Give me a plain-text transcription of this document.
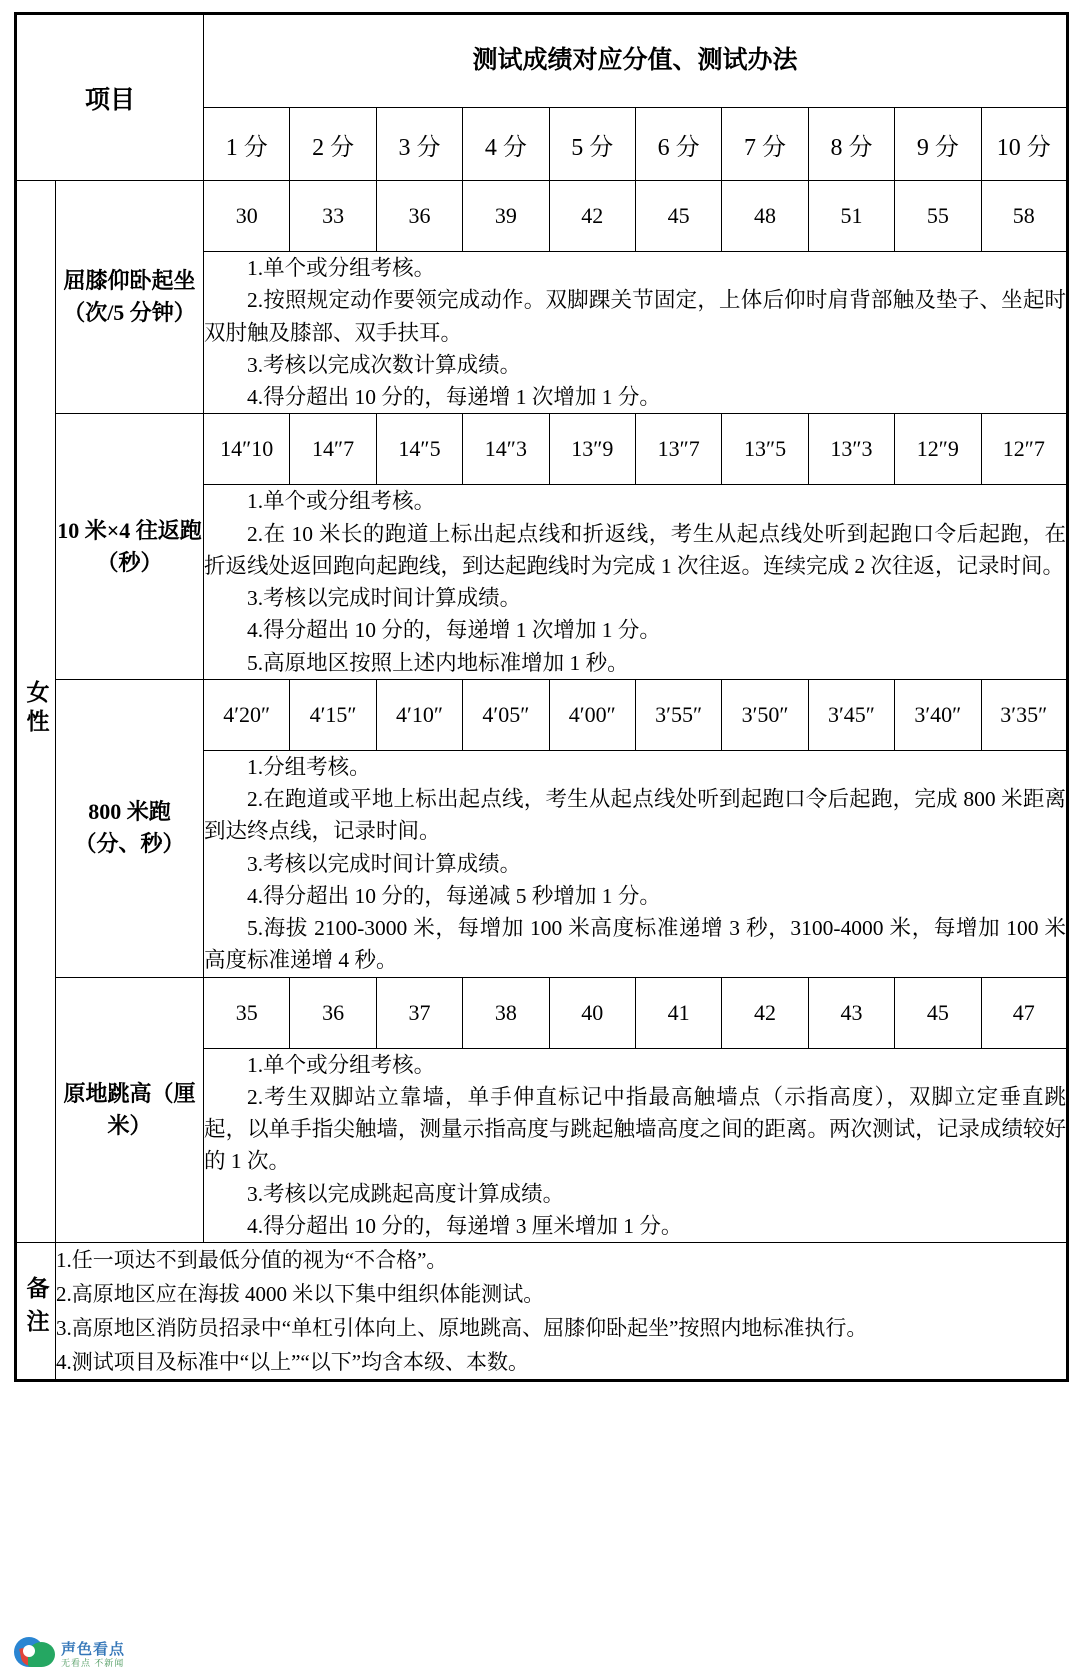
项目		测试成绩对应分值、测试办法									
		1 分	2 分	3 分	4 分	5 分	6 分	7 分	8 分	9 分	10 分
女性	屈膝仰卧起坐（次/5 分钟）	30	33	36	39	42	45	48	51	55	58

		1.单个或分组考核。

2.按照规定动作要领完成动作。双脚踝关节固定，上体后仰时肩背部触及垫子、坐起时双肘触及膝部、双手扶耳。

3.考核以完成次数计算成绩。

4.得分超出 10 分的，每递增 1 次增加 1 分。									

	10 米×4 往返跑（秒）	14″10	14″7	14″5	14″3	13″9	13″7	13″5	13″3	12″9	12″7

		1.单个或分组考核。

2.在 10 米长的跑道上标出起点线和折返线，考生从起点线处听到起跑口令后起跑，在折返线处返回跑向起跑线，到达起跑线时为完成 1 次往返。连续完成 2 次往返，记录时间。

3.考核以完成时间计算成绩。

4.得分超出 10 分的，每递增 1 次增加 1 分。

5.高原地区按照上述内地标准增加 1 秒。									

	800 米跑（分、秒）	4′20″	4′15″	4′10″	4′05″	4′00″	3′55″	3′50″	3′45″	3′40″	3′35″

		1.分组考核。

2.在跑道或平地上标出起点线，考生从起点线处听到起跑口令后起跑，完成 800 米距离到达终点线，记录时间。

3.考核以完成时间计算成绩。

4.得分超出 10 分的，每递减 5 秒增加 1 分。

5.海拔 2100-3000 米，每增加 100 米高度标准递增 3 秒，3100-4000 米，每增加 100 米高度标准递增 4 秒。									

	原地跳高（厘米）	35	36	37	38	40	41	42	43	45	47

		1.单个或分组考核。

2.考生双脚站立靠墙，单手伸直标记中指最高触墙点（示指高度），双脚立定垂直跳起，以单手指尖触墙，测量示指高度与跳起触墙高度之间的距离。两次测试，记录成绩较好的 1 次。

3.考核以完成跳起高度计算成绩。

4.得分超出 10 分的，每递增 3 厘米增加 1 分。									

备注	1.任一项达不到最低分值的视为“不合格”。

2.高原地区应在海拔 4000 米以下集中组织体能测试。

3.高原地区消防员招录中“单杠引体向上、原地跳高、屈膝仰卧起坐”按照内地标准执行。

4.测试项目及标准中“以上”“以下”均含本级、本数。										

声色看点
无看点 不新闻
